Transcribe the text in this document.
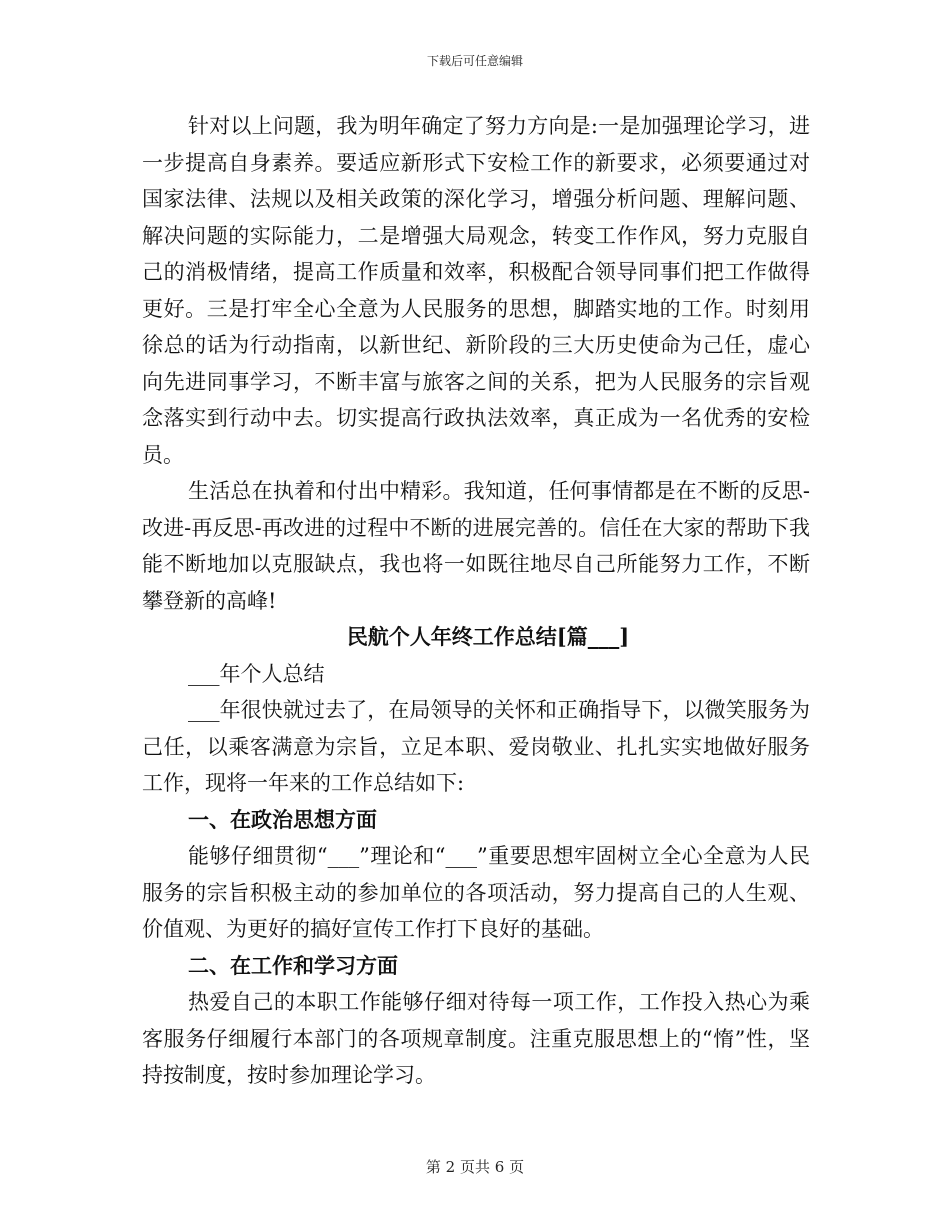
下载后可任意编辑

针对以上问题，我为明年确定了努力方向是:一是加强理论学习，进一步提高自身素养。要适应新形式下安检工作的新要求，必须要通过对国家法律、法规以及相关政策的深化学习，增强分析问题、理解问题、解决问题的实际能力，二是增强大局观念，转变工作作风，努力克服自己的消极情绪，提高工作质量和效率，积极配合领导同事们把工作做得更好。三是打牢全心全意为人民服务的思想，脚踏实地的工作。时刻用徐总的话为行动指南，以新世纪、新阶段的三大历史使命为己任，虚心向先进同事学习，不断丰富与旅客之间的关系，把为人民服务的宗旨观念落实到行动中去。切实提高行政执法效率，真正成为一名优秀的安检员。

生活总在执着和付出中精彩。我知道，任何事情都是在不断的反思-改进-再反思-再改进的过程中不断的进展完善的。信任在大家的帮助下我能不断地加以克服缺点，我也将一如既往地尽自己所能努力工作，不断攀登新的高峰!

民航个人年终工作总结[篇___]

___年个人总结

___年很快就过去了，在局领导的关怀和正确指导下，以微笑服务为己任，以乘客满意为宗旨，立足本职、爱岗敬业、扎扎实实地做好服务工作，现将一年来的工作总结如下:

一、在政治思想方面

能够仔细贯彻“___”理论和“___”重要思想牢固树立全心全意为人民服务的宗旨积极主动的参加单位的各项活动，努力提高自己的人生观、价值观、为更好的搞好宣传工作打下良好的基础。

二、在工作和学习方面

热爱自己的本职工作能够仔细对待每一项工作，工作投入热心为乘客服务仔细履行本部门的各项规章制度。注重克服思想上的“惰”性，坚持按制度，按时参加理论学习。

第 2 页共 6 页
